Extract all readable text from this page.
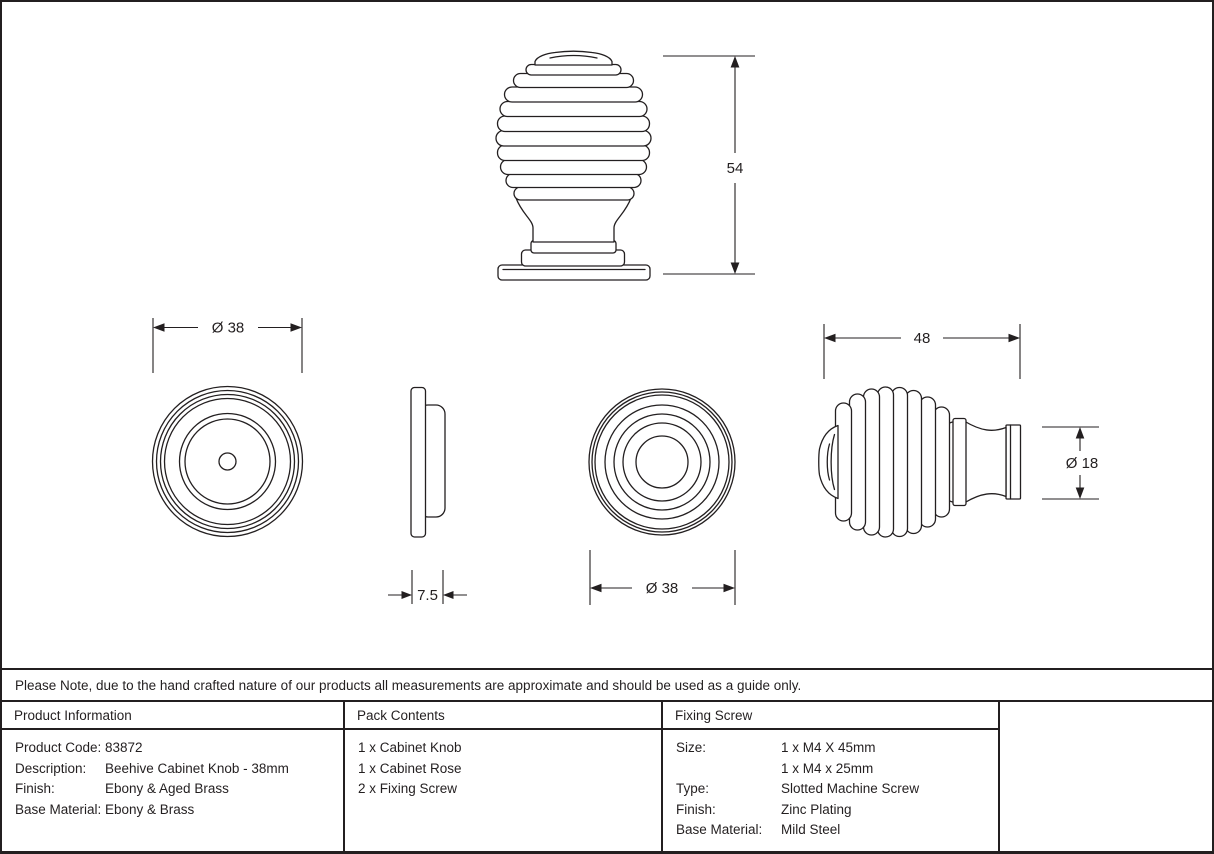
54
Ø 38
7.5	Ø 38
48
Ø 18
Please Note, due to the hand crafted nature of our products all measurements are approximate and should be used as a guide only.
Product Information
Product Code: 83872
Description:	Beehive Cabinet Knob - 38mm
Finish:	Ebony & Aged Brass
Base Material: Ebony & Brass
Pack Contents
1 x Cabinet Knob
1 x Cabinet Rose
2 x Fixing Screw
Fixing Screw
Size:	1 x M4 X 45mm
1 x M4 x 25mm
Type:	Slotted Machine Screw
Finish:	Zinc Plating
Base Material:	Mild Steel
